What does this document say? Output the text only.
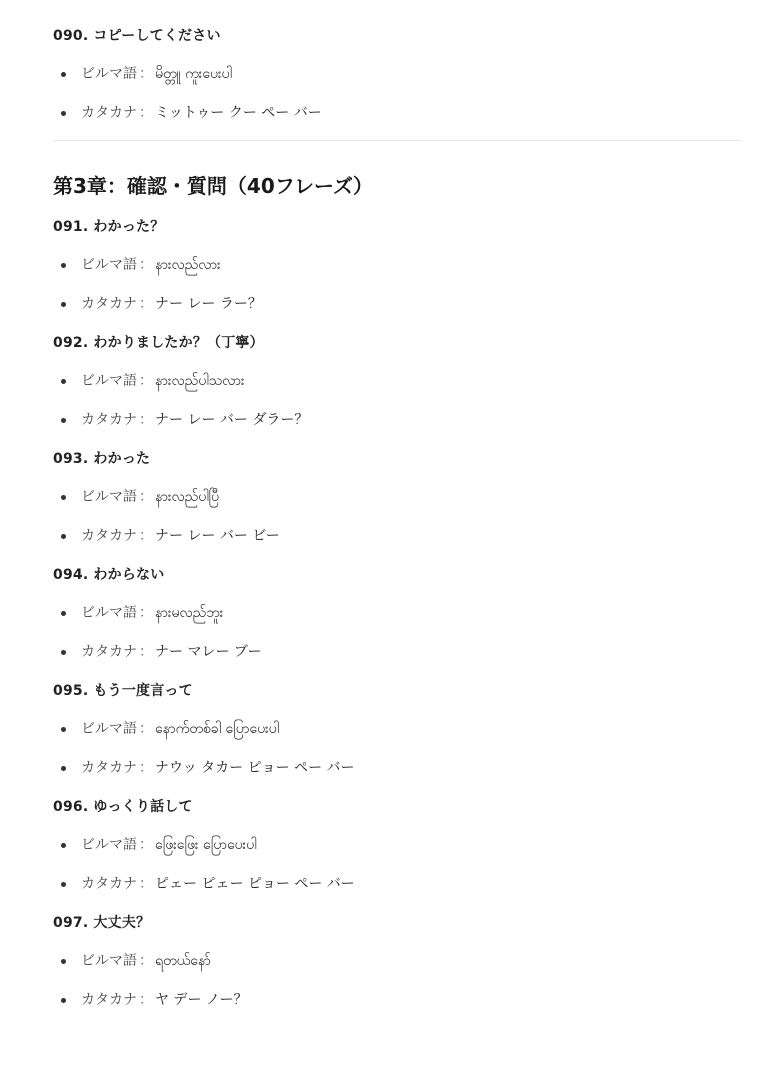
090. コピーしてください
ビルマ語 ： မိတ္တူ ကူးပေးပါ
カタカナ ： ミットゥー クー ペー バー
第3章：確認・質問（40フレーズ）
091. わかった？
ビルマ語 ： နားလည်လား
カタカナ ： ナー レー ラー？
092. わかりましたか？（丁寧）
ビルマ語 ： နားလည်ပါသလား
カタカナ ： ナー レー バー ダラー？
093. わかった
ビルマ語 ： နားလည်ပါပြီ
カタカナ ： ナー レー バー ビー
094. わからない
ビルマ語 ： နားမလည်ဘူး
カタカナ ： ナー マレー ブー
095. もう一度言って
ビルマ語 ： နောက်တစ်ခါ ပြောပေးပါ
カタカナ ： ナウッ タカー ピョー ペー バー
096. ゆっくり話して
ビルマ語 ： ဖြေးဖြေး ပြောပေးပါ
カタカナ ： ピェー ピェー ピョー ペー バー
097. 大丈夫？
ビルマ語 ： ရတယ်နော်
カタカナ ： ヤ デー ノー？
